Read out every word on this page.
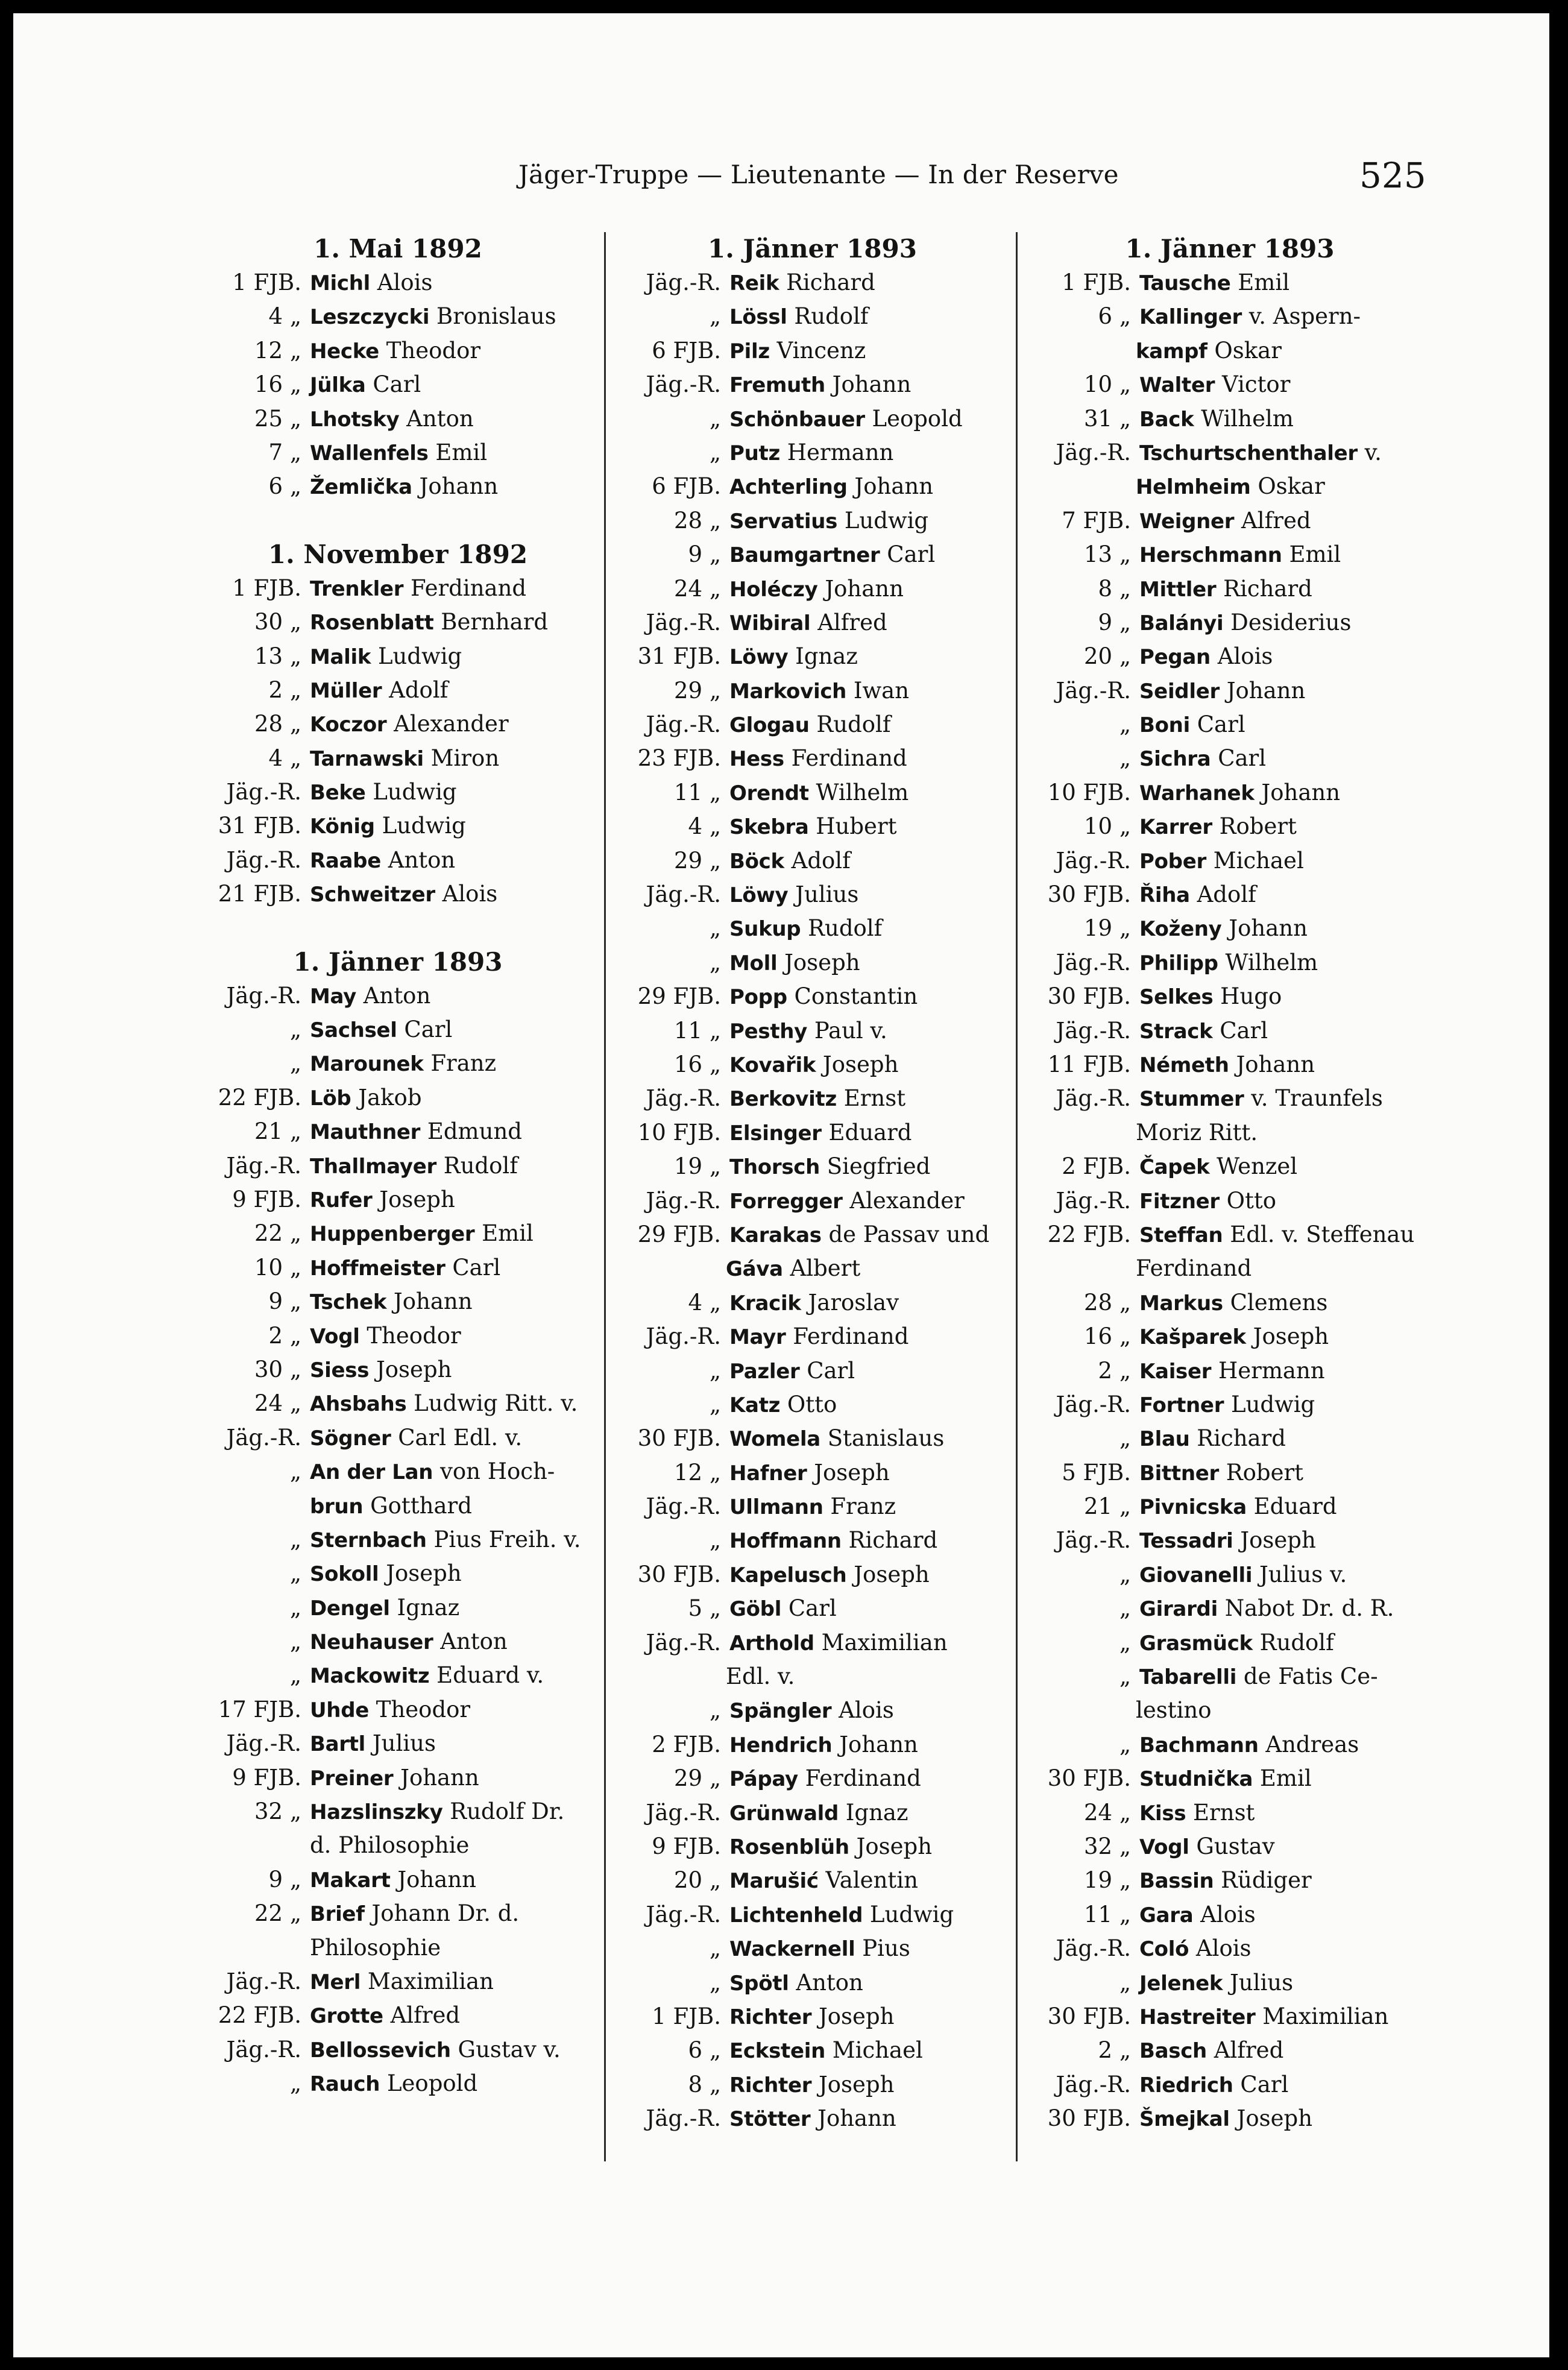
Jäger-Truppe — Lieutenante — In der Reserve	525
1. Mai 1892
1 FJB. Michl Alois
4 „ Leszczycki Bronislaus
12 „ Hecke Theodor
16 „ Jülka Carl
25 „ Lhotsky Anton
7 „ Wallenfels Emil
6 „ Žemlička Johann
1. November 1892
1 FJB. Trenkler Ferdinand
30 „ Rosenblatt Bernhard
13 „ Malik Ludwig
2 „ Müller Adolf
28 „ Koczor Alexander
4 „ Tarnawski Miron
Jäg.-R. Beke Ludwig
31 FJB. König Ludwig
Jäg.-R. Raabe Anton
21 FJB. Schweitzer Alois
1. Jänner 1893
Jäg.-R. May Anton
„ Sachsel Carl
„ Marounek Franz
22 FJB. Löb Jakob
21 „ Mauthner Edmund
Jäg.-R. Thallmayer Rudolf
9 FJB. Rufer Joseph
22 „ Huppenberger Emil
10 „ Hoffmeister Carl
9 „ Tschek Johann
2 „ Vogl Theodor
30 „ Siess Joseph
24 „ Ahsbahs Ludwig Ritt. v.
Jäg.-R. Sögner Carl Edl. v.
„ An der Lan von Hoch-
brun Gotthard
„ Sternbach Pius Freih. v.
„ Sokoll Joseph
„ Dengel Ignaz
„ Neuhauser Anton
„ Mackowitz Eduard v.
17 FJB. Uhde Theodor
Jäg.-R. Bartl Julius
9 FJB. Preiner Johann
32 „ Hazslinszky Rudolf Dr.
d. Philosophie
9 „ Makart Johann
22 „ Brief Johann Dr. d.
Philosophie
Jäg.-R. Merl Maximilian
22 FJB. Grotte Alfred
Jäg.-R. Bellossevich Gustav v.
„ Rauch Leopold
1. Jänner 1893
Jäg.-R. Reik Richard
„ Lössl Rudolf
6 FJB. Pilz Vincenz
Jäg.-R. Fremuth Johann
„ Schönbauer Leopold
„ Putz Hermann
6 FJB. Achterling Johann
28 „ Servatius Ludwig
9 „ Baumgartner Carl
24 „ Holéczy Johann
Jäg.-R. Wibiral Alfred
31 FJB. Löwy Ignaz
29 „ Markovich Iwan
Jäg.-R. Glogau Rudolf
23 FJB. Hess Ferdinand
11 „ Orendt Wilhelm
4 „ Skebra Hubert
29 „ Böck Adolf
Jäg.-R. Löwy Julius
„ Sukup Rudolf
„ Moll Joseph
29 FJB. Popp Constantin
11 „ Pesthy Paul v.
16 „ Kovařik Joseph
Jäg.-R. Berkovitz Ernst
10 FJB. Elsinger Eduard
19 „ Thorsch Siegfried
Jäg.-R. Forregger Alexander
29 FJB. Karakas de Passav und
Gáva Albert
4 „ Kracik Jaroslav
Jäg.-R. Mayr Ferdinand
„ Pazler Carl
„ Katz Otto
30 FJB. Womela Stanislaus
12 „ Hafner Joseph
Jäg.-R. Ullmann Franz
„ Hoffmann Richard
30 FJB. Kapelusch Joseph
5 „ Göbl Carl
Jäg.-R. Arthold Maximilian
Edl. v.
„ Spängler Alois
2 FJB. Hendrich Johann
29 „ Pápay Ferdinand
Jäg.-R. Grünwald Ignaz
9 FJB. Rosenblüh Joseph
20 „ Marušić Valentin
Jäg.-R. Lichtenheld Ludwig
„ Wackernell Pius
„ Spötl Anton
1 FJB. Richter Joseph
6 „ Eckstein Michael
8 „ Richter Joseph
Jäg.-R. Stötter Johann
1. Jänner 1893
1 FJB. Tausche Emil
6 „ Kallinger v. Aspern-
kampf Oskar
10 „ Walter Victor
31 „ Back Wilhelm
Jäg.-R. Tschurtschenthaler v.
Helmheim Oskar
7 FJB. Weigner Alfred
13 „ Herschmann Emil
8 „ Mittler Richard
9 „ Balányi Desiderius
20 „ Pegan Alois
Jäg.-R. Seidler Johann
„ Boni Carl
„ Sichra Carl
10 FJB. Warhanek Johann
10 „ Karrer Robert
Jäg.-R. Pober Michael
30 FJB. Řiha Adolf
19 „ Koženy Johann
Jäg.-R. Philipp Wilhelm
30 FJB. Selkes Hugo
Jäg.-R. Strack Carl
11 FJB. Németh Johann
Jäg.-R. Stummer v. Traunfels
Moriz Ritt.
2 FJB. Čapek Wenzel
Jäg.-R. Fitzner Otto
22 FJB. Steffan Edl. v. Steffenau
Ferdinand
28 „ Markus Clemens
16 „ Kašparek Joseph
2 „ Kaiser Hermann
Jäg.-R. Fortner Ludwig
„ Blau Richard
5 FJB. Bittner Robert
21 „ Pivnicska Eduard
Jäg.-R. Tessadri Joseph
„ Giovanelli Julius v.
„ Girardi Nabot Dr. d. R.
„ Grasmück Rudolf
„ Tabarelli de Fatis Ce-
lestino
„ Bachmann Andreas
30 FJB. Studnička Emil
24 „ Kiss Ernst
32 „ Vogl Gustav
19 „ Bassin Rüdiger
11 „ Gara Alois
Jäg.-R. Coló Alois
„ Jelenek Julius
30 FJB. Hastreiter Maximilian
2 „ Basch Alfred
Jäg.-R. Riedrich Carl
30 FJB. Šmejkal Joseph
